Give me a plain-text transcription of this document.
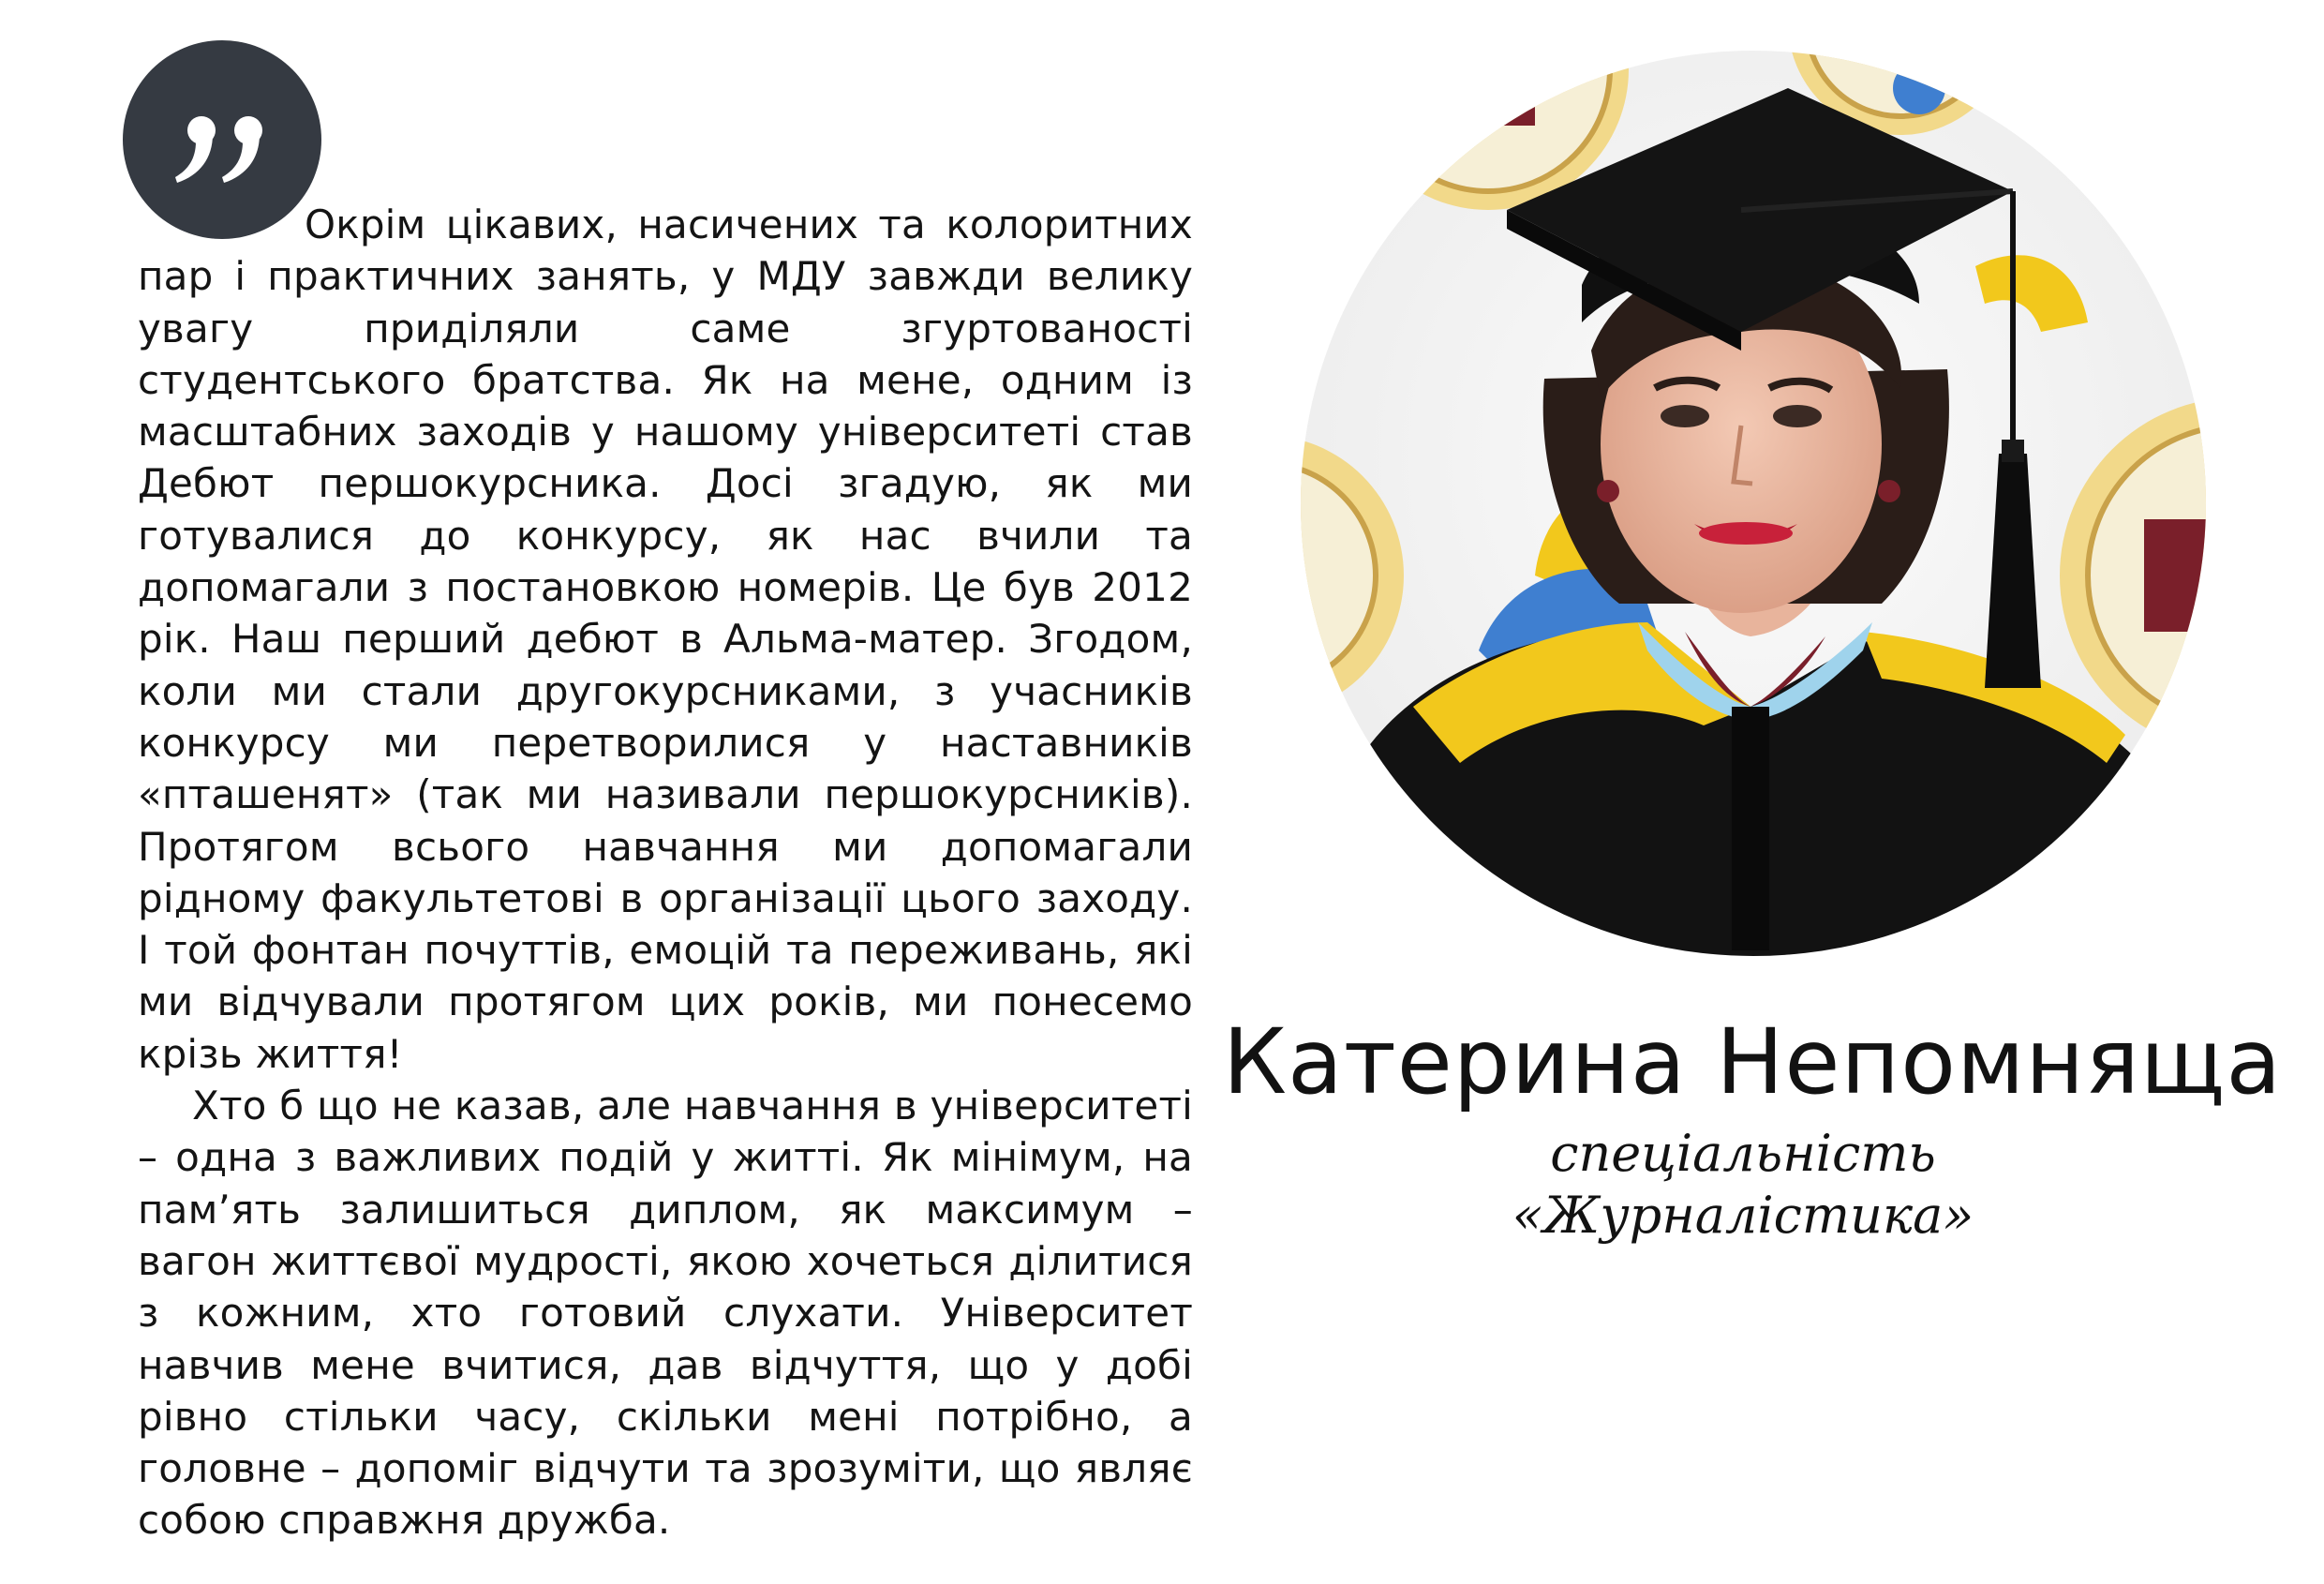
Окрім цікавих, насичених та колоритних пар і практичних занять, у МДУ завжди велику увагу приділяли саме згуртованості студентського братства. Як на мене, одним із масштабних заходів у нашому університеті став Дебют першокурсника. Досі згадую, як ми готувалися до конкурсу, як нас вчили та допомагали з постановкою номерів. Це був 2012 рік. Наш перший дебют в Альма-матер. Згодом, коли ми стали другокурсниками, з учасників конкурсу ми перетворилися у наставників «пташенят» (так ми називали першокурсників). Протягом всього навчання ми допомагали рідному факультетові в організації цього заходу. І той фонтан почуттів, емоцій та переживань, які ми відчували протягом цих років, ми понесемо крізь життя!

Хто б що не казав, але навчання в університеті – одна з важливих подій у житті. Як мінімум, на пам’ять залишиться диплом, як максимум – вагон життєвої мудрості, якою хочеться ділитися з кожним, хто готовий слухати. Університет навчив мене вчитися, дав відчуття, що у добі рівно стільки часу, скільки мені потрібно, а головне – допоміг відчути та зрозуміти, що являє собою справжня дружба.

Катерина Непомняща
спеціальність
«Журналістика»
